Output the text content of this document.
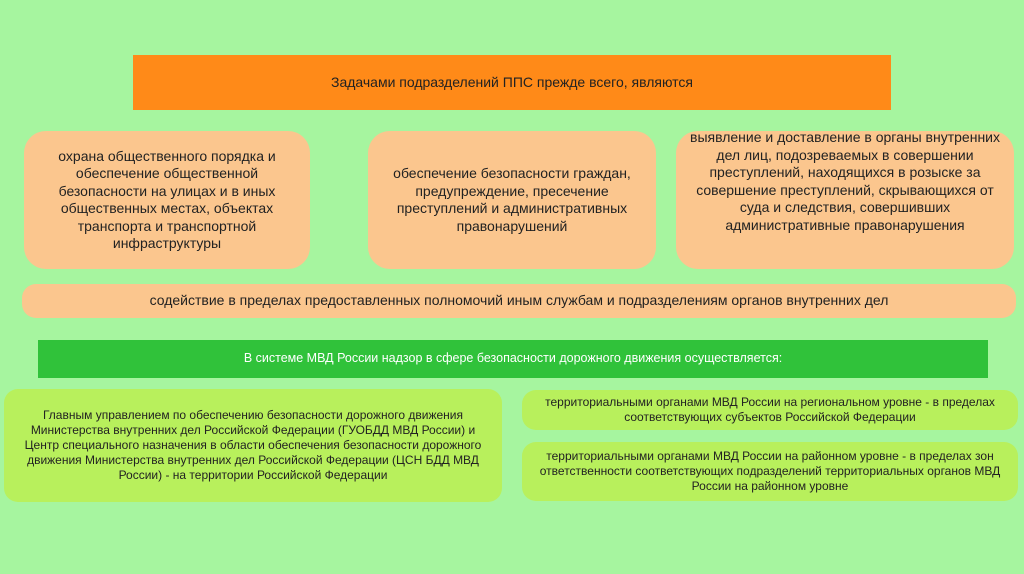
Задачами подразделений ППС прежде всего, являются
охрана общественного порядка и обеспечение общественной безопасности на улицах и в иных общественных местах, объектах транспорта и транспортной инфраструктуры
обеспечение безопасности граждан, предупреждение, пресечение преступлений и административных правонарушений
выявление и доставление в органы внутренних дел лиц, подозреваемых в совершении преступлений, находящихся в розыске за совершение преступлений, скрывающихся от суда и следствия, совершивших административные правонарушения
содействие в пределах предоставленных полномочий иным службам и подразделениям органов внутренних дел
В системе МВД России надзор в сфере безопасности дорожного движения осуществляется:
Главным управлением по обеспечению безопасности дорожного движения Министерства внутренних дел Российской Федерации (ГУОБДД МВД России) и Центр специального назначения в области обеспечения безопасности дорожного движения Министерства внутренних дел Российской Федерации (ЦСН БДД МВД России) - на территории Российской Федерации
территориальными органами МВД России на региональном уровне - в пределах соответствующих субъектов Российской Федерации
территориальными органами МВД России на районном уровне - в пределах зон ответственности соответствующих подразделений территориальных органов МВД России на районном уровне
